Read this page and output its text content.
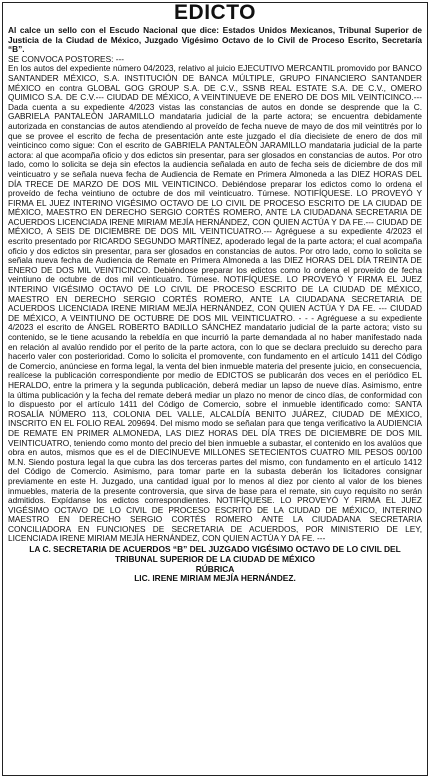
EDICTO

Al calce un sello con el Escudo Nacional que dice: Estados Unidos Mexicanos, Tribunal Superior de Justicia de la Ciudad de México, Juzgado Vigésimo Octavo de lo Civil de Proceso Escrito, Secretaría “B”.

SE CONVOCA POSTORES: ---

En los autos del expediente número 04/2023, relativo al juicio EJECUTIVO MERCANTIL promovido por BANCO SANTANDER MÉXICO, S.A. INSTITUCIÓN DE BANCA MÚLTIPLE, GRUPO FINANCIERO SANTANDER MÉXICO en contra GLOBAL GOG GROUP S.A. DE C.V., SSNB REAL ESTATE S.A. DE C.V., OMERO QUIMICO S.A. DE C.V.--- CIUDAD DE MÉXICO, A VEINTINUEVE DE ENERO DE DOS MIL VEINTICINCO.--- Dada cuenta a su expediente 4/2023 vistas las constancias de autos en donde se desprende que la C. GABRIELA PANTALEÓN JARAMILLO mandataria judicial de la parte actora; se encuentra debidamente autorizada en constancias de autos atendiendo al proveído de fecha nueve de mayo de dos mil veintitrés por lo que se provee el escrito de fecha de presentación ante este juzgado el día diecisiete de enero de dos mil veinticinco como sigue: Con el escrito de GABRIELA PANTALEÓN JARAMILLO mandataria judicial de la parte actora: al que acompaña oficio y dos edictos sin presentar, para ser glosados en constancias de autos. Por otro lado, como lo solicita se deja sin efectos la audiencia señalada en auto de fecha seis de diciembre de dos mil veinticuatro y se señala nueva fecha de Audiencia de Remate en Primera Almoneda a las DIEZ HORAS DEL DÍA TRECE DE MARZO DE DOS MIL VEINTICINCO. Debiéndose preparar los edictos como lo ordena el proveído de fecha veintiuno de octubre de dos mil veinticuatro. Túrnese. NOTIFÍQUESE. LO PROVEYÓ Y FIRMA EL JUEZ INTERINO VIGÉSIMO OCTAVO DE LO CIVIL DE PROCESO ESCRITO DE LA CIUDAD DE MÉXICO, MAESTRO EN DERECHO SERGIO CORTÉS ROMERO, ANTE LA CIUDADANA SECRETARIA DE ACUERDOS LICENCIADA IRENE MIRIAM MEJÍA HERNÁNDEZ, CON QUIEN ACTÚA Y DA FE.--- CIUDAD DE MÉXICO, A SEIS DE DICIEMBRE DE DOS MIL VEINTICUATRO.--- Agréguese a su expediente 4/2023 el escrito presentado por RICARDO SEGUNDO MARTÍNEZ, apoderado legal de la parte actora; el cual acompaña oficio y dos edictos sin presentar, para ser glosados en constancias de autos. Por otro lado, como lo solicita se señala nueva fecha de Audiencia de Remate en Primera Almoneda a las DIEZ HORAS DEL DÍA TREINTA DE ENERO DE DOS MIL VEINTICINCO. Debiéndose preparar los edictos como lo ordena el proveído de fecha veintiuno de octubre de dos mil veinticuatro. Túrnese. NOTIFÍQUESE. LO PROVEYÓ Y FIRMA EL JUEZ INTERINO VIGÉSIMO OCTAVO DE LO CIVIL DE PROCESO ESCRITO DE LA CIUDAD DE MÉXICO, MAESTRO EN DERECHO SERGIO CORTÉS ROMERO, ANTE LA CIUDADANA SECRETARIA DE ACUERDOS LICENCIADA IRENE MIRIAM MEJÍA HERNÁNDEZ, CON QUIEN ACTÚA Y DA FE. --- CIUDAD DE MÉXICO, A VEINTIUNO DE OCTUBRE DE DOS MIL VEINTICUATRO. - - - Agréguese a su expediente 4/2023 el escrito de ÁNGEL ROBERTO BADILLO SÁNCHEZ mandatario judicial de la parte actora; visto su contenido, se le tiene acusando la rebeldía en que incurrió la parte demandada al no haber manifestado nada en relación al avalúo rendido por el perito de la parte actora, con lo que se declara precluido su derecho para hacerlo valer con posterioridad. Como lo solicita el promovente, con fundamento en el artículo 1411 del Código de Comercio, anúnciese en forma legal, la venta del bien inmueble materia del presente juicio, en consecuencia, realícese la publicación correspondiente por medio de EDICTOS se publicarán dos veces en el periódico EL HERALDO, entre la primera y la segunda publicación, deberá mediar un lapso de nueve días. Asimismo, entre la última publicación y la fecha del remate deberá mediar un plazo no menor de cinco días, de conformidad con lo dispuesto por el artículo 1411 del Código de Comercio, sobre el inmueble identificado como: SANTA ROSALÍA NÚMERO 113, COLONIA DEL VALLE, ALCALDÍA BENITO JUÁREZ, CIUDAD DE MÉXICO, INSCRITO EN EL FOLIO REAL 209694. Del mismo modo se señalan para que tenga verificativo la AUDIENCIA DE REMATE EN PRIMER ALMONEDA, LAS DIEZ HORAS DEL DÍA TRES DE DICIEMBRE DE DOS MIL VEINTICUATRO, teniendo como monto del precio del bien inmueble a subastar, el contenido en los avalúos que obra en autos, mismos que es el de DIECINUEVE MILLONES SETECIENTOS CUATRO MIL PESOS 00/100 M.N. Siendo postura legal la que cubra las dos terceras partes del mismo, con fundamento en el artículo 1412 del Código de Comercio. Asimismo, para tomar parte en la subasta deberán los licitadores consignar previamente en este H. Juzgado, una cantidad igual por lo menos al diez por ciento al valor de los bienes inmuebles, materia de la presente controversia, que sirva de base para el remate, sin cuyo requisito no serán admitidos. Expídanse los edictos correspondientes. NOTIFÍQUESE. LO PROVEYÓ Y FIRMA EL JUEZ VIGÉSIMO OCTAVO DE LO CIVIL DE PROCESO ESCRITO DE LA CIUDAD DE MÉXICO, INTERINO MAESTRO EN DERECHO SERGIO CORTÉS ROMERO ANTE LA CIUDADANA SECRETARIA CONCILIADORA EN FUNCIONES DE SECRETARIA DE ACUERDOS, POR MINISTERIO DE LEY, LICENCIADA IRENE MIRIAM MEJÍA HERNÁNDEZ, CON QUIEN ACTÚA Y DA FE. ---

LA C. SECRETARIA DE ACUERDOS “B” DEL JUZGADO VIGÉSIMO OCTAVO DE LO CIVIL DEL TRIBUNAL SUPERIOR DE LA CIUDAD DE MÉXICO
RÚBRICA
LIC. IRENE MIRIAM MEJÍA HERNÁNDEZ.
